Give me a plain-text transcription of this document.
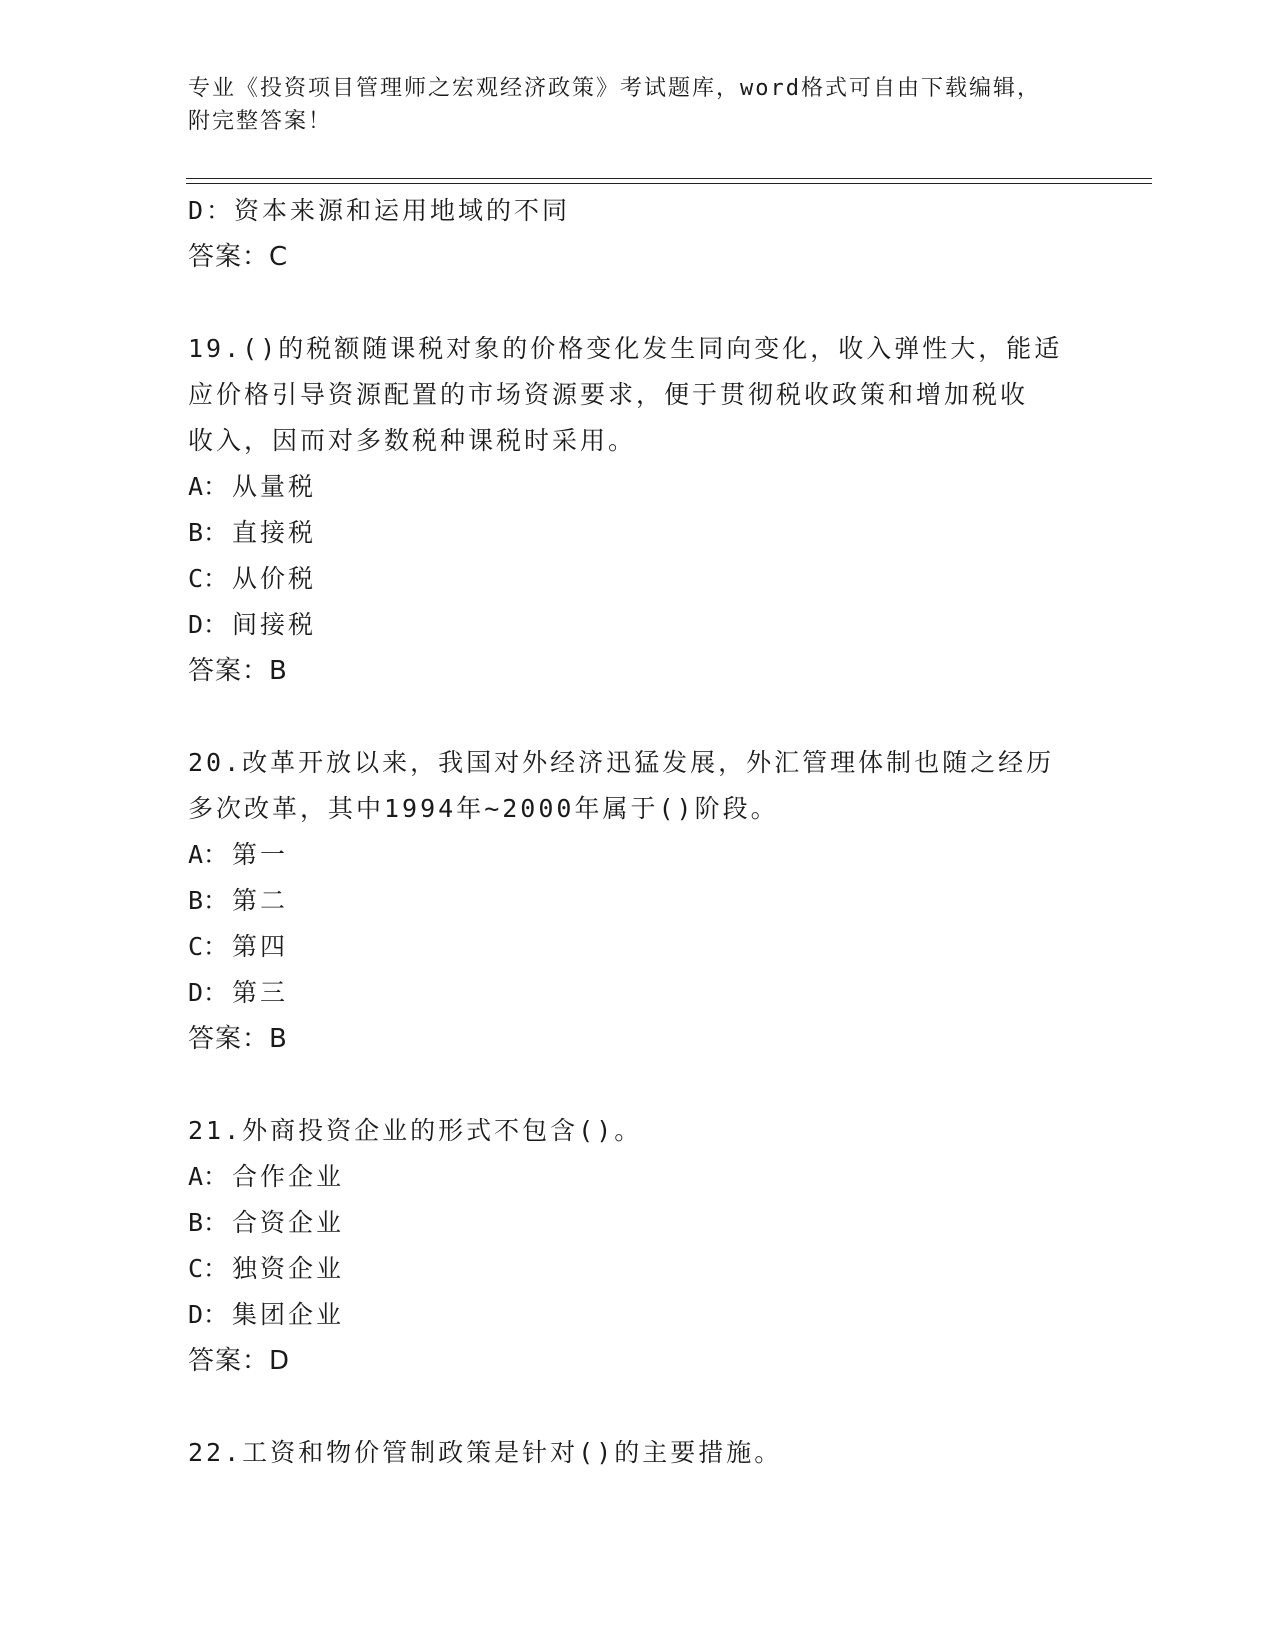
专业《投资项目管理师之宏观经济政策》考试题库，word格式可自由下载编辑，
附完整答案！
D：资本来源和运用地域的不同
答案：C
19.()的税额随课税对象的价格变化发生同向变化，收入弹性大，能适
应价格引导资源配置的市场资源要求，便于贯彻税收政策和增加税收
收入，因而对多数税种课税时采用。
A： 从量税
B： 直接税
C： 从价税
D： 间接税
答案：B
20.改革开放以来，我国对外经济迅猛发展，外汇管理体制也随之经历
多次改革，其中1994年~2000年属于()阶段。
A： 第一
B： 第二
C： 第四
D： 第三
答案：B
21.外商投资企业的形式不包含()。
A： 合作企业
B： 合资企业
C： 独资企业
D： 集团企业
答案：D
22.工资和物价管制政策是针对()的主要措施。
